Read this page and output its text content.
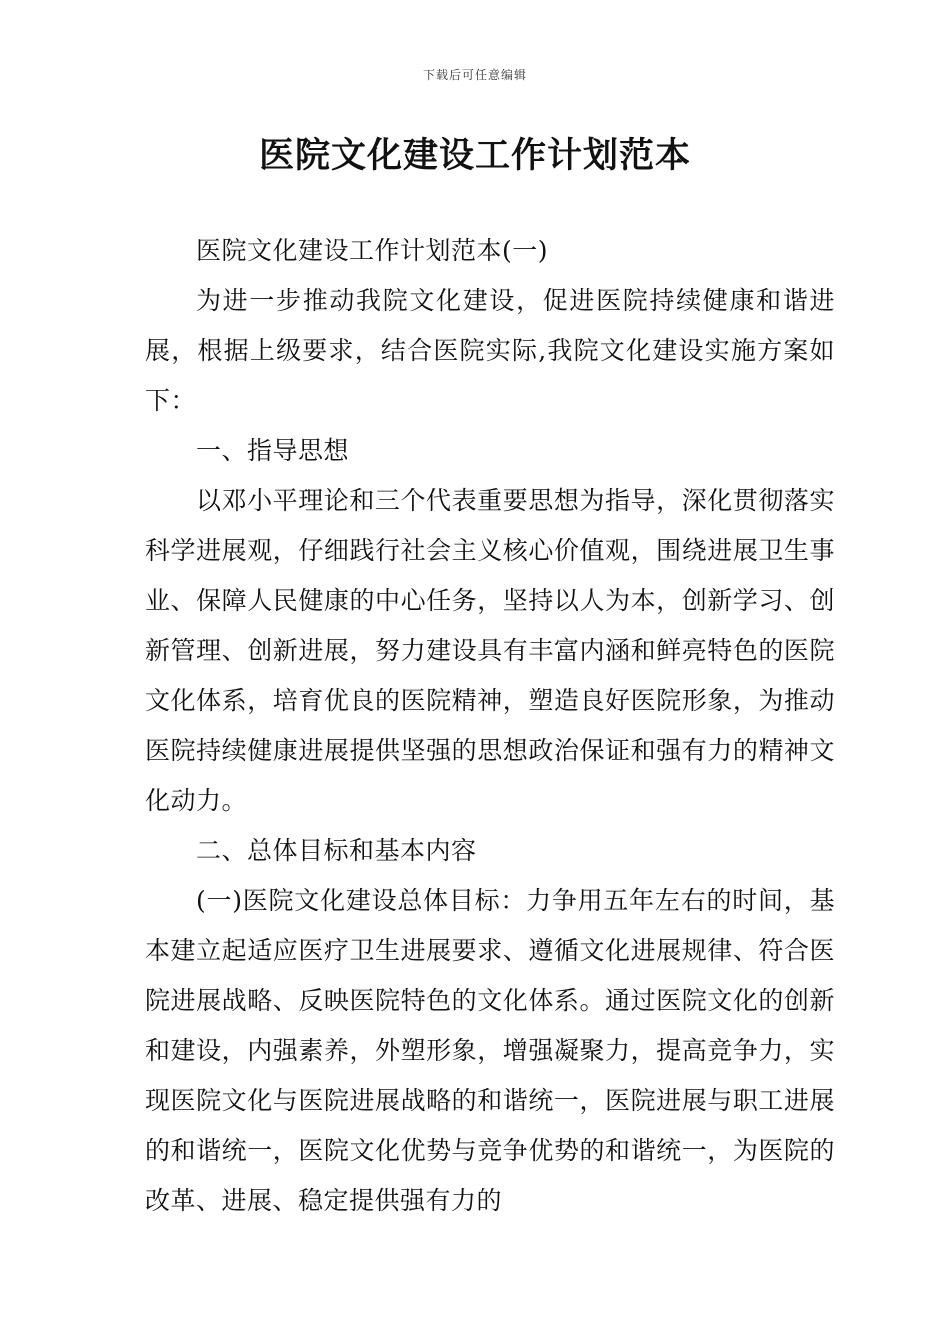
下载后可任意编辑
医院文化建设工作计划范本

医院文化建设工作计划范本(一)

为进一步推动我院文化建设，促进医院持续健康和谐进展，根据上级要求，结合医院实际,我院文化建设实施方案如下：

一、指导思想

以邓小平理论和三个代表重要思想为指导，深化贯彻落实科学进展观，仔细践行社会主义核心价值观，围绕进展卫生事业、保障人民健康的中心任务，坚持以人为本，创新学习、创新管理、创新进展，努力建设具有丰富内涵和鲜亮特色的医院文化体系，培育优良的医院精神，塑造良好医院形象，为推动医院持续健康进展提供坚强的思想政治保证和强有力的精神文化动力。

二、总体目标和基本内容

(一)医院文化建设总体目标：力争用五年左右的时间，基本建立起适应医疗卫生进展要求、遵循文化进展规律、符合医院进展战略、反映医院特色的文化体系。通过医院文化的创新和建设，内强素养，外塑形象，增强凝聚力，提高竞争力，实现医院文化与医院进展战略的和谐统一，医院进展与职工进展的和谐统一，医院文化优势与竞争优势的和谐统一，为医院的改革、进展、稳定提供强有力的
